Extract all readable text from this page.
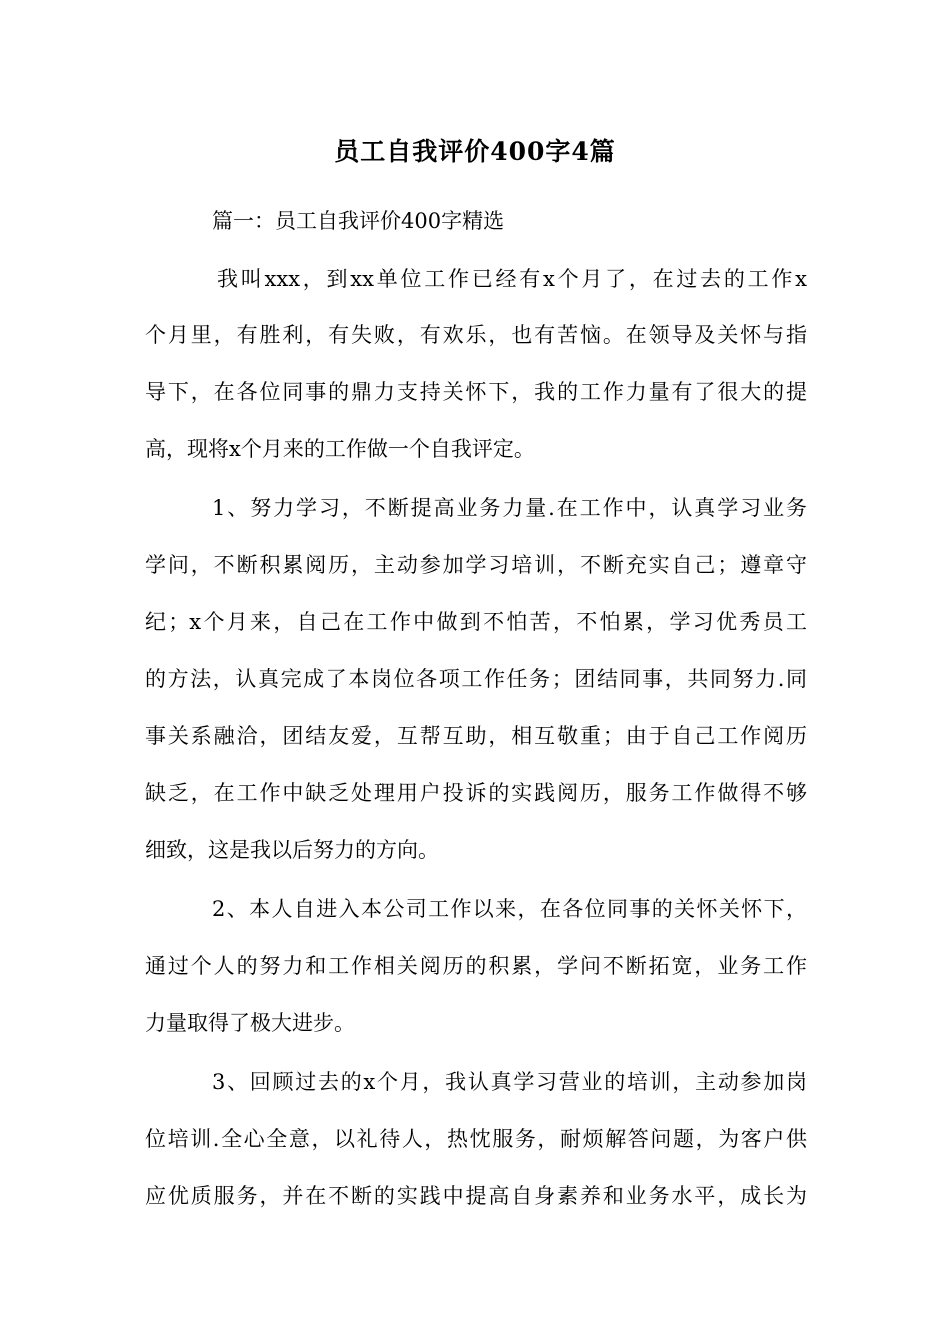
员工自我评价400字4篇
篇一：员工自我评价400字精选
我叫xxx，到xx单位工作已经有x个月了，在过去的工作x
个月里，有胜利，有失败，有欢乐，也有苦恼。在领导及关怀与指
导下，在各位同事的鼎力支持关怀下，我的工作力量有了很大的提
高，现将x个月来的工作做一个自我评定。
1、努力学习，不断提高业务力量.在工作中，认真学习业务
学问，不断积累阅历，主动参加学习培训，不断充实自己；遵章守
纪；x个月来，自己在工作中做到不怕苦，不怕累，学习优秀员工
的方法，认真完成了本岗位各项工作任务；团结同事，共同努力.同
事关系融洽，团结友爱，互帮互助，相互敬重；由于自己工作阅历
缺乏，在工作中缺乏处理用户投诉的实践阅历，服务工作做得不够
细致，这是我以后努力的方向。
2、本人自进入本公司工作以来，在各位同事的关怀关怀下，
通过个人的努力和工作相关阅历的积累，学问不断拓宽，业务工作
力量取得了极大进步。
3、回顾过去的x个月，我认真学习营业的培训，主动参加岗
位培训.全心全意，以礼待人，热忱服务，耐烦解答问题，为客户供
应优质服务，并在不断的实践中提高自身素养和业务水平，成长为
